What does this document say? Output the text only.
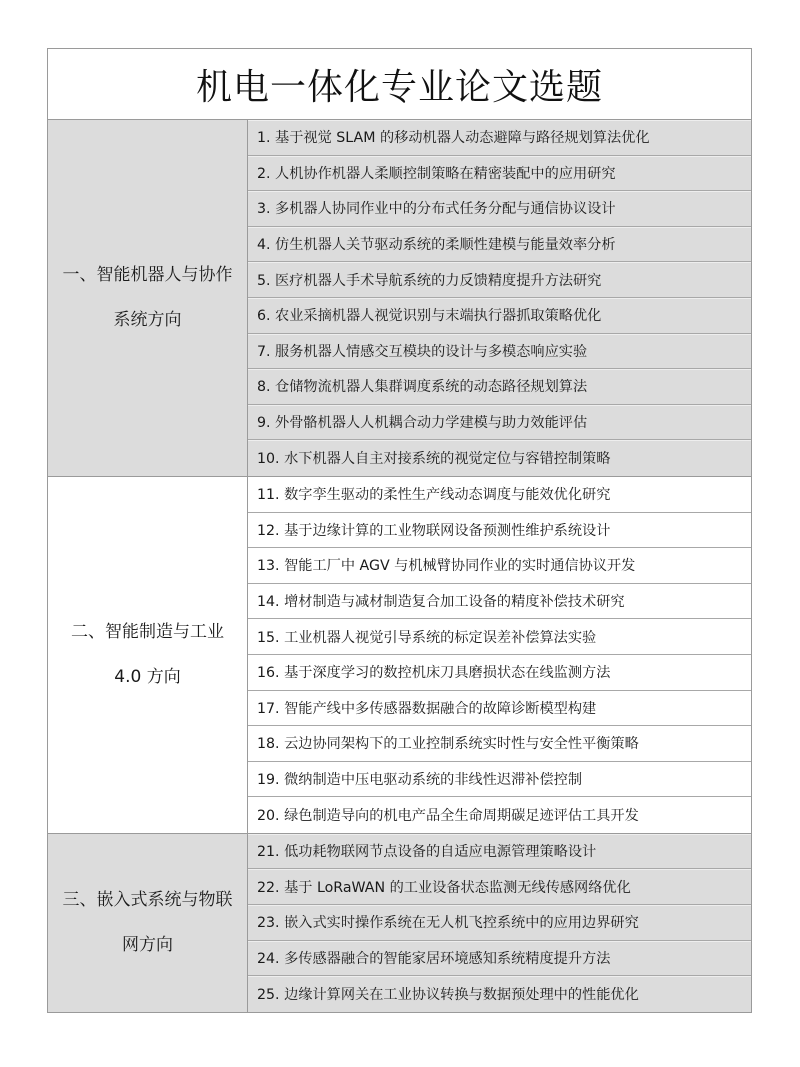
机电一体化专业论文选题
一、智能机器人与协作
系统方向
1. 基于视觉 SLAM 的移动机器人动态避障与路径规划算法优化
2. 人机协作机器人柔顺控制策略在精密装配中的应用研究
3. 多机器人协同作业中的分布式任务分配与通信协议设计
4. 仿生机器人关节驱动系统的柔顺性建模与能量效率分析
5. 医疗机器人手术导航系统的力反馈精度提升方法研究
6. 农业采摘机器人视觉识别与末端执行器抓取策略优化
7. 服务机器人情感交互模块的设计与多模态响应实验
8. 仓储物流机器人集群调度系统的动态路径规划算法
9. 外骨骼机器人人机耦合动力学建模与助力效能评估
10. 水下机器人自主对接系统的视觉定位与容错控制策略
二、智能制造与工业
4.0 方向
11. 数字孪生驱动的柔性生产线动态调度与能效优化研究
12. 基于边缘计算的工业物联网设备预测性维护系统设计
13. 智能工厂中 AGV 与机械臂协同作业的实时通信协议开发
14. 增材制造与减材制造复合加工设备的精度补偿技术研究
15. 工业机器人视觉引导系统的标定误差补偿算法实验
16. 基于深度学习的数控机床刀具磨损状态在线监测方法
17. 智能产线中多传感器数据融合的故障诊断模型构建
18. 云边协同架构下的工业控制系统实时性与安全性平衡策略
19. 微纳制造中压电驱动系统的非线性迟滞补偿控制
20. 绿色制造导向的机电产品全生命周期碳足迹评估工具开发
三、嵌入式系统与物联
网方向
21. 低功耗物联网节点设备的自适应电源管理策略设计
22. 基于 LoRaWAN 的工业设备状态监测无线传感网络优化
23. 嵌入式实时操作系统在无人机飞控系统中的应用边界研究
24. 多传感器融合的智能家居环境感知系统精度提升方法
25. 边缘计算网关在工业协议转换与数据预处理中的性能优化
